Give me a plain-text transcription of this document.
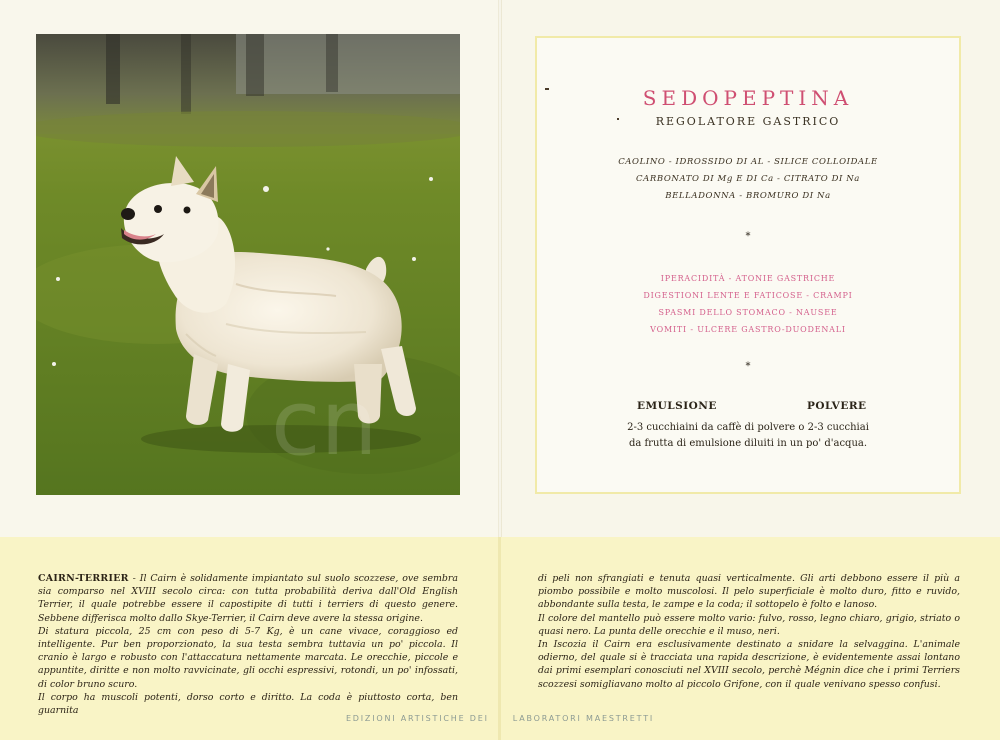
cn
SEDOPEPTINA
REGOLATORE GASTRICO
CAOLINO - IDROSSIDO DI AL - SILICE COLLOIDALE
CARBONATO DI Mg E DI Ca - CITRATO DI Na
BELLADONNA - BROMURO DI Na
*
IPERACIDITÀ - ATONIE GASTRICHE
DIGESTIONI LENTE E FATICOSE - CRAMPI
SPASMI DELLO STOMACO - NAUSEE
VOMITI - ULCERE GASTRO-DUODENALI
*
EMULSIONE	POLVERE
2-3 cucchiaini da caffè di polvere o 2-3 cucchiai
da frutta di emulsione diluiti in un po' d'acqua.

CAIRN-TERRIER - Il Cairn è solidamente impiantato sul suolo scozzese, ove sembra sia comparso nel XVIII secolo circa: con tutta probabilità deriva dall'Old English Terrier, il quale potrebbe essere il capostipite di tutti i terriers di questo genere. Sebbene differisca molto dallo Skye-Terrier, il Cairn deve avere la stessa origine.

Di statura piccola, 25 cm con peso di 5-7 Kg, è un cane vivace, coraggioso ed intelligente. Pur ben proporzionato, la sua testa sembra tuttavia un po' piccola. Il cranio è largo e robusto con l'attaccatura nettamente marcata. Le orecchie, piccole e appuntite, diritte e non molto ravvicinate, gli occhi espressivi, rotondi, un po' infossati, di color bruno scuro.

Il corpo ha muscoli potenti, dorso corto e diritto. La coda è piuttosto corta, ben guarnita

di peli non sfrangiati e tenuta quasi verticalmente. Gli arti debbono essere il più a piombo possibile e molto muscolosi. Il pelo superficiale è molto duro, fitto e ruvido, abbondante sulla testa, le zampe e la coda; il sottopelo è folto e lanoso.

Il colore del mantello può essere molto vario: fulvo, rosso, legno chiaro, grigio, striato o quasi nero. La punta delle orecchie e il muso, neri.

In Iscozia il Cairn era esclusivamente destinato a snidare la selvaggina. L'animale odierno, del quale si è tracciata una rapida descrizione, è evidentemente assai lontano dai primi esemplari conosciuti nel XVIII secolo, perchè Mégnin dice che i primi Terriers scozzesi somigliavano molto al piccolo Grifone, con il quale venivano spesso confusi.

EDIZIONI ARTISTICHE DEI	LABORATORI MAESTRETTI
